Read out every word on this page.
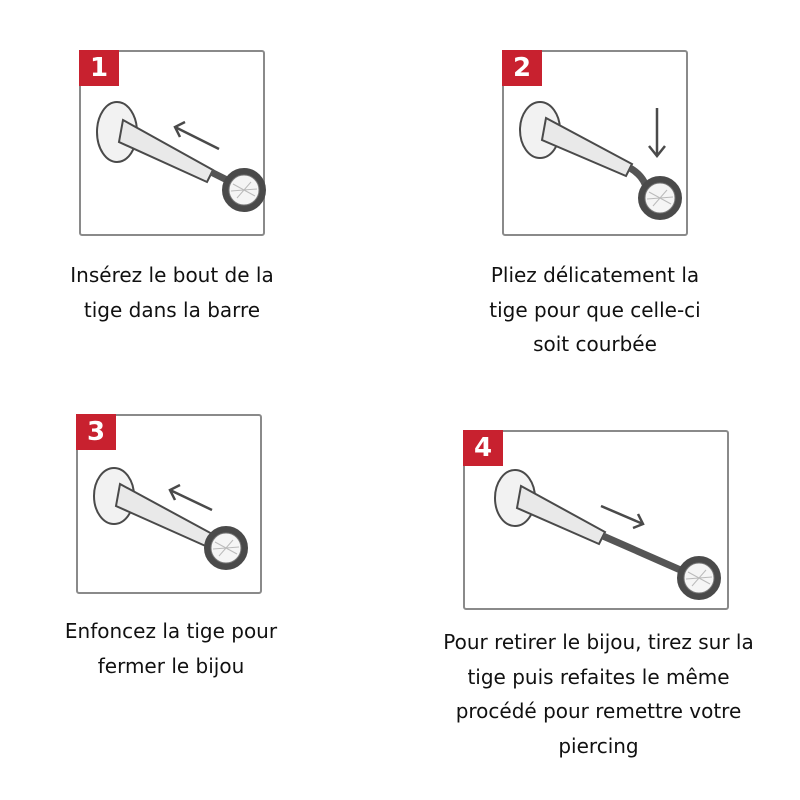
1
Insérez le bout de la
tige dans la barre
2
Pliez délicatement la
tige pour que celle-ci
soit courbée
3
Enfoncez la tige pour
fermer le bijou
4
Pour retirer le bijou, tirez sur la
tige puis refaites le même
procédé pour remettre votre
piercing
